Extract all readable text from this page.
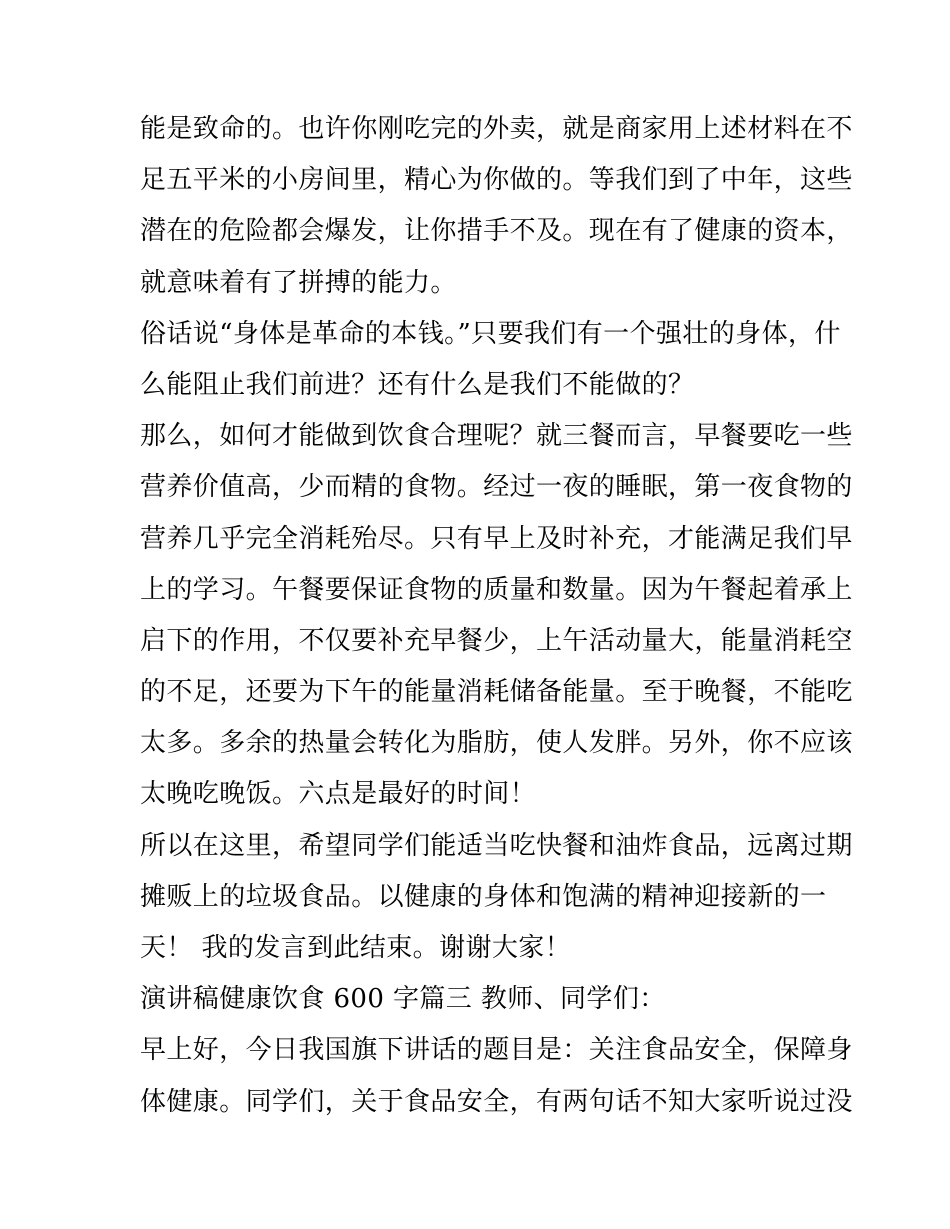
能是致命的。也许你刚吃完的外卖，就是商家用上述材料在不
足五平米的小房间里，精心为你做的。等我们到了中年，这些
潜在的危险都会爆发，让你措手不及。现在有了健康的资本，
就意味着有了拼搏的能力。
俗话说“身体是革命的本钱。”只要我们有一个强壮的身体，什
么能阻止我们前进？还有什么是我们不能做的？
那么，如何才能做到饮食合理呢？就三餐而言，早餐要吃一些
营养价值高，少而精的食物。经过一夜的睡眠，第一夜食物的
营养几乎完全消耗殆尽。只有早上及时补充，才能满足我们早
上的学习。午餐要保证食物的质量和数量。因为午餐起着承上
启下的作用，不仅要补充早餐少，上午活动量大，能量消耗空
的不足，还要为下午的能量消耗储备能量。至于晚餐，不能吃
太多。多余的热量会转化为脂肪，使人发胖。另外，你不应该
太晚吃晚饭。六点是最好的时间！
所以在这里，希望同学们能适当吃快餐和油炸食品，远离过期
摊贩上的垃圾食品。以健康的身体和饱满的精神迎接新的一
天！ 我的发言到此结束。谢谢大家！
演讲稿健康饮食 600 字篇三 教师、同学们：
早上好，今日我国旗下讲话的题目是：关注食品安全，保障身
体健康。同学们，关于食品安全，有两句话不知大家听说过没
